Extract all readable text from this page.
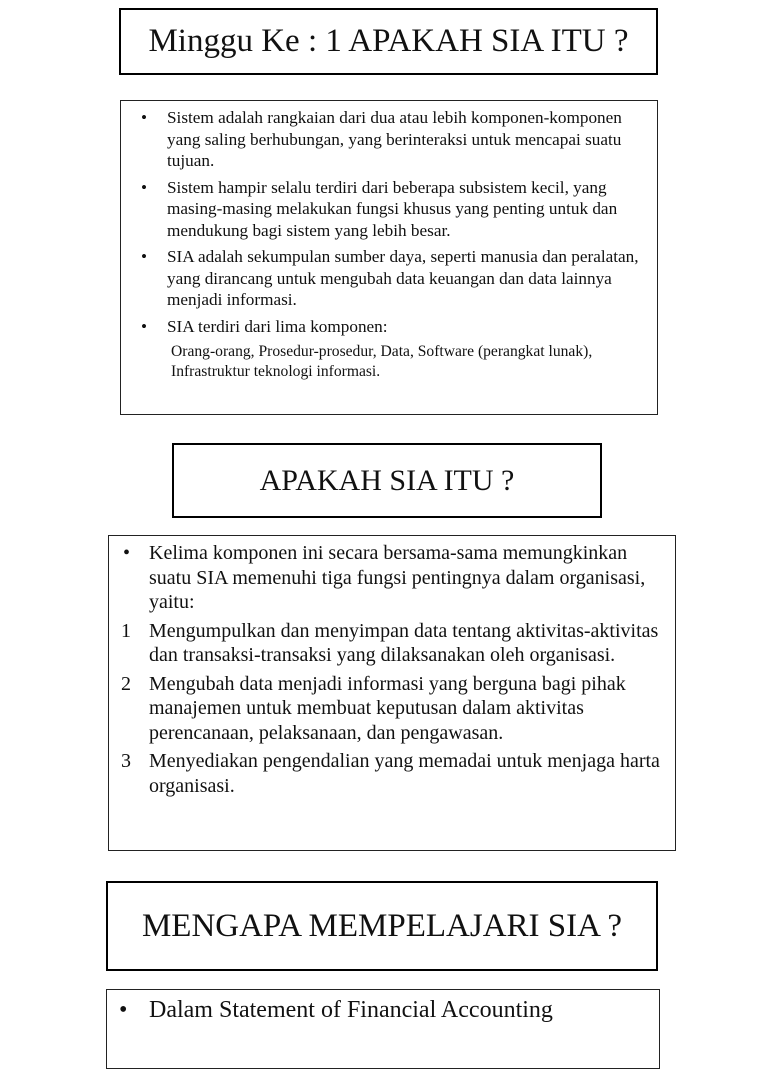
Minggu Ke : 1 APAKAH SIA ITU ?
• Sistem adalah rangkaian dari dua atau lebih komponen-komponen yang saling berhubungan, yang berinteraksi untuk mencapai suatu tujuan.
• Sistem hampir selalu terdiri dari beberapa subsistem kecil, yang masing-masing melakukan fungsi khusus yang penting untuk dan mendukung bagi sistem yang lebih besar.
• SIA adalah sekumpulan sumber daya, seperti manusia dan peralatan, yang dirancang untuk mengubah data keuangan dan data lainnya menjadi informasi.
• SIA terdiri dari lima komponen:
Orang-orang, Prosedur-prosedur, Data, Software (perangkat lunak), Infrastruktur teknologi informasi.
APAKAH SIA ITU ?
• Kelima komponen ini secara bersama-sama memungkinkan suatu SIA memenuhi tiga fungsi pentingnya dalam organisasi, yaitu:
1 Mengumpulkan dan menyimpan data tentang aktivitas-aktivitas dan transaksi-transaksi yang dilaksanakan oleh organisasi.
2 Mengubah data menjadi informasi yang berguna bagi pihak manajemen untuk membuat keputusan dalam aktivitas perencanaan, pelaksanaan, dan pengawasan.
3 Menyediakan pengendalian yang memadai untuk menjaga harta organisasi.
MENGAPA MEMPELAJARI SIA ?
• Dalam Statement of Financial Accounting
